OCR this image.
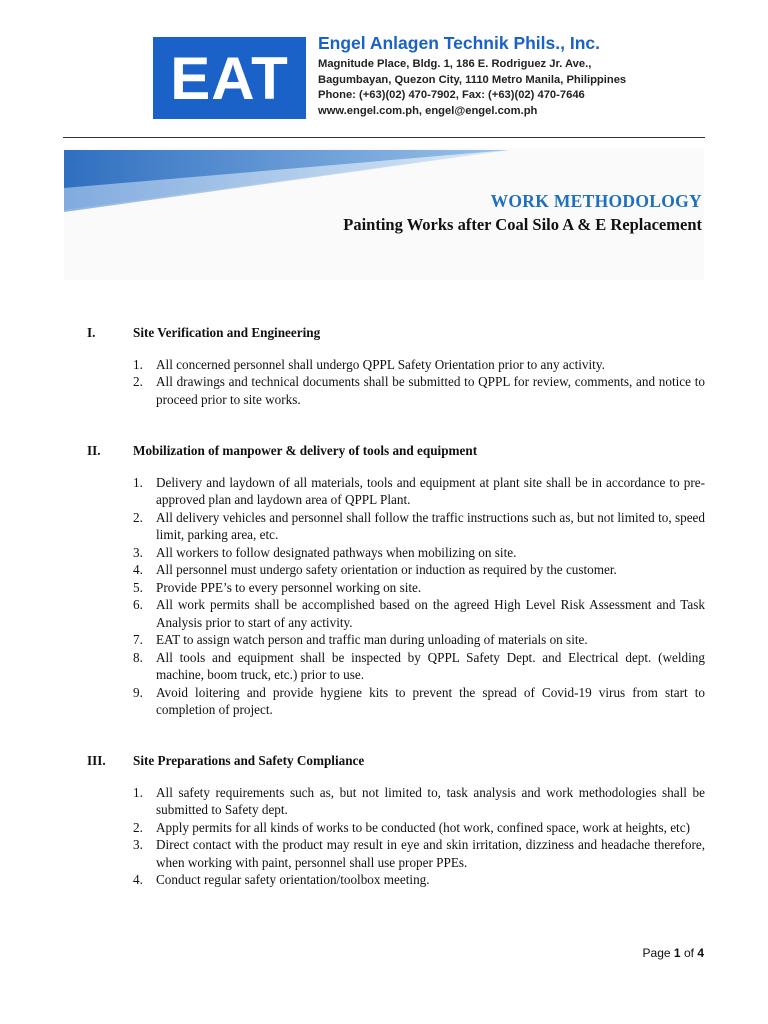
EAT
Engel Anlagen Technik Phils., Inc.
Magnitude Place, Bldg. 1, 186 E. Rodriguez Jr. Ave.,
Bagumbayan, Quezon City, 1110 Metro Manila, Philippines
Phone: (+63)(02) 470-7902, Fax: (+63)(02) 470-7646
www.engel.com.ph, engel@engel.com.ph
WORK METHODOLOGY
Painting Works after Coal Silo A & E Replacement
I.	Site Verification and Engineering
1. All concerned personnel shall undergo QPPL Safety Orientation prior to any activity.
2. All drawings and technical documents shall be submitted to QPPL for review, comments, and notice to proceed prior to site works.
II.	Mobilization of manpower & delivery of tools and equipment
1. Delivery and laydown of all materials, tools and equipment at plant site shall be in accordance to pre-approved plan and laydown area of QPPL Plant.
2. All delivery vehicles and personnel shall follow the traffic instructions such as, but not limited to, speed limit, parking area, etc.
3. All workers to follow designated pathways when mobilizing on site.
4. All personnel must undergo safety orientation or induction as required by the customer.
5. Provide PPE’s to every personnel working on site.
6. All work permits shall be accomplished based on the agreed High Level Risk Assessment and Task Analysis prior to start of any activity.
7. EAT to assign watch person and traffic man during unloading of materials on site.
8. All tools and equipment shall be inspected by QPPL Safety Dept. and Electrical dept. (welding machine, boom truck, etc.) prior to use.
9. Avoid loitering and provide hygiene kits to prevent the spread of Covid-19 virus from start to completion of project.
III.	Site Preparations and Safety Compliance
1. All safety requirements such as, but not limited to, task analysis and work methodologies shall be submitted to Safety dept.
2. Apply permits for all kinds of works to be conducted (hot work, confined space, work at heights, etc)
3. Direct contact with the product may result in eye and skin irritation, dizziness and headache therefore, when working with paint, personnel shall use proper PPEs.
4. Conduct regular safety orientation/toolbox meeting.
Page 1 of 4
